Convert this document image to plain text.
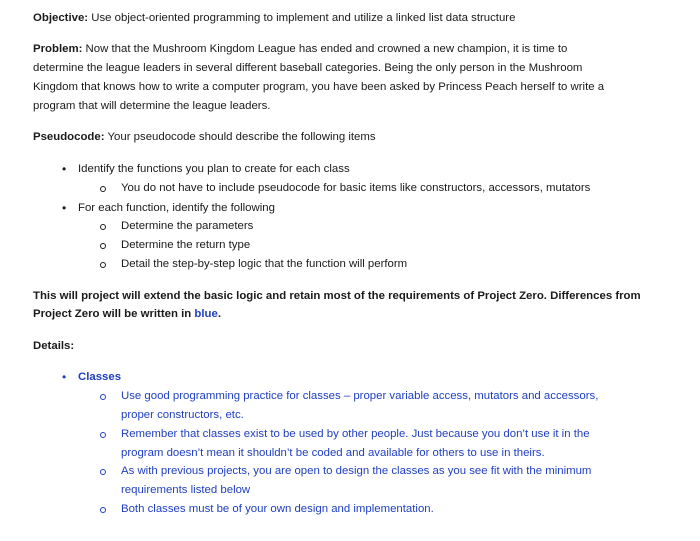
Objective: Use object-oriented programming to implement and utilize a linked list data structure
Problem: Now that the Mushroom Kingdom League has ended and crowned a new champion, it is time to
determine the league leaders in several different baseball categories. Being the only person in the Mushroom
Kingdom that knows how to write a computer program, you have been asked by Princess Peach herself to write a
program that will determine the league leaders.
Pseudocode: Your pseudocode should describe the following items
• Identify the functions you plan to create for each class
You do not have to include pseudocode for basic items like constructors, accessors, mutators
• For each function, identify the following
Determine the parameters
Determine the return type
Detail the step-by-step logic that the function will perform
This will project will extend the basic logic and retain most of the requirements of Project Zero. Differences from
Project Zero will be written in blue.
Details:
• Classes
Use good programming practice for classes – proper variable access, mutators and accessors,
proper constructors, etc.
Remember that classes exist to be used by other people. Just because you don’t use it in the
program doesn’t mean it shouldn’t be coded and available for others to use in theirs.
As with previous projects, you are open to design the classes as you see fit with the minimum
requirements listed below
Both classes must be of your own design and implementation.
